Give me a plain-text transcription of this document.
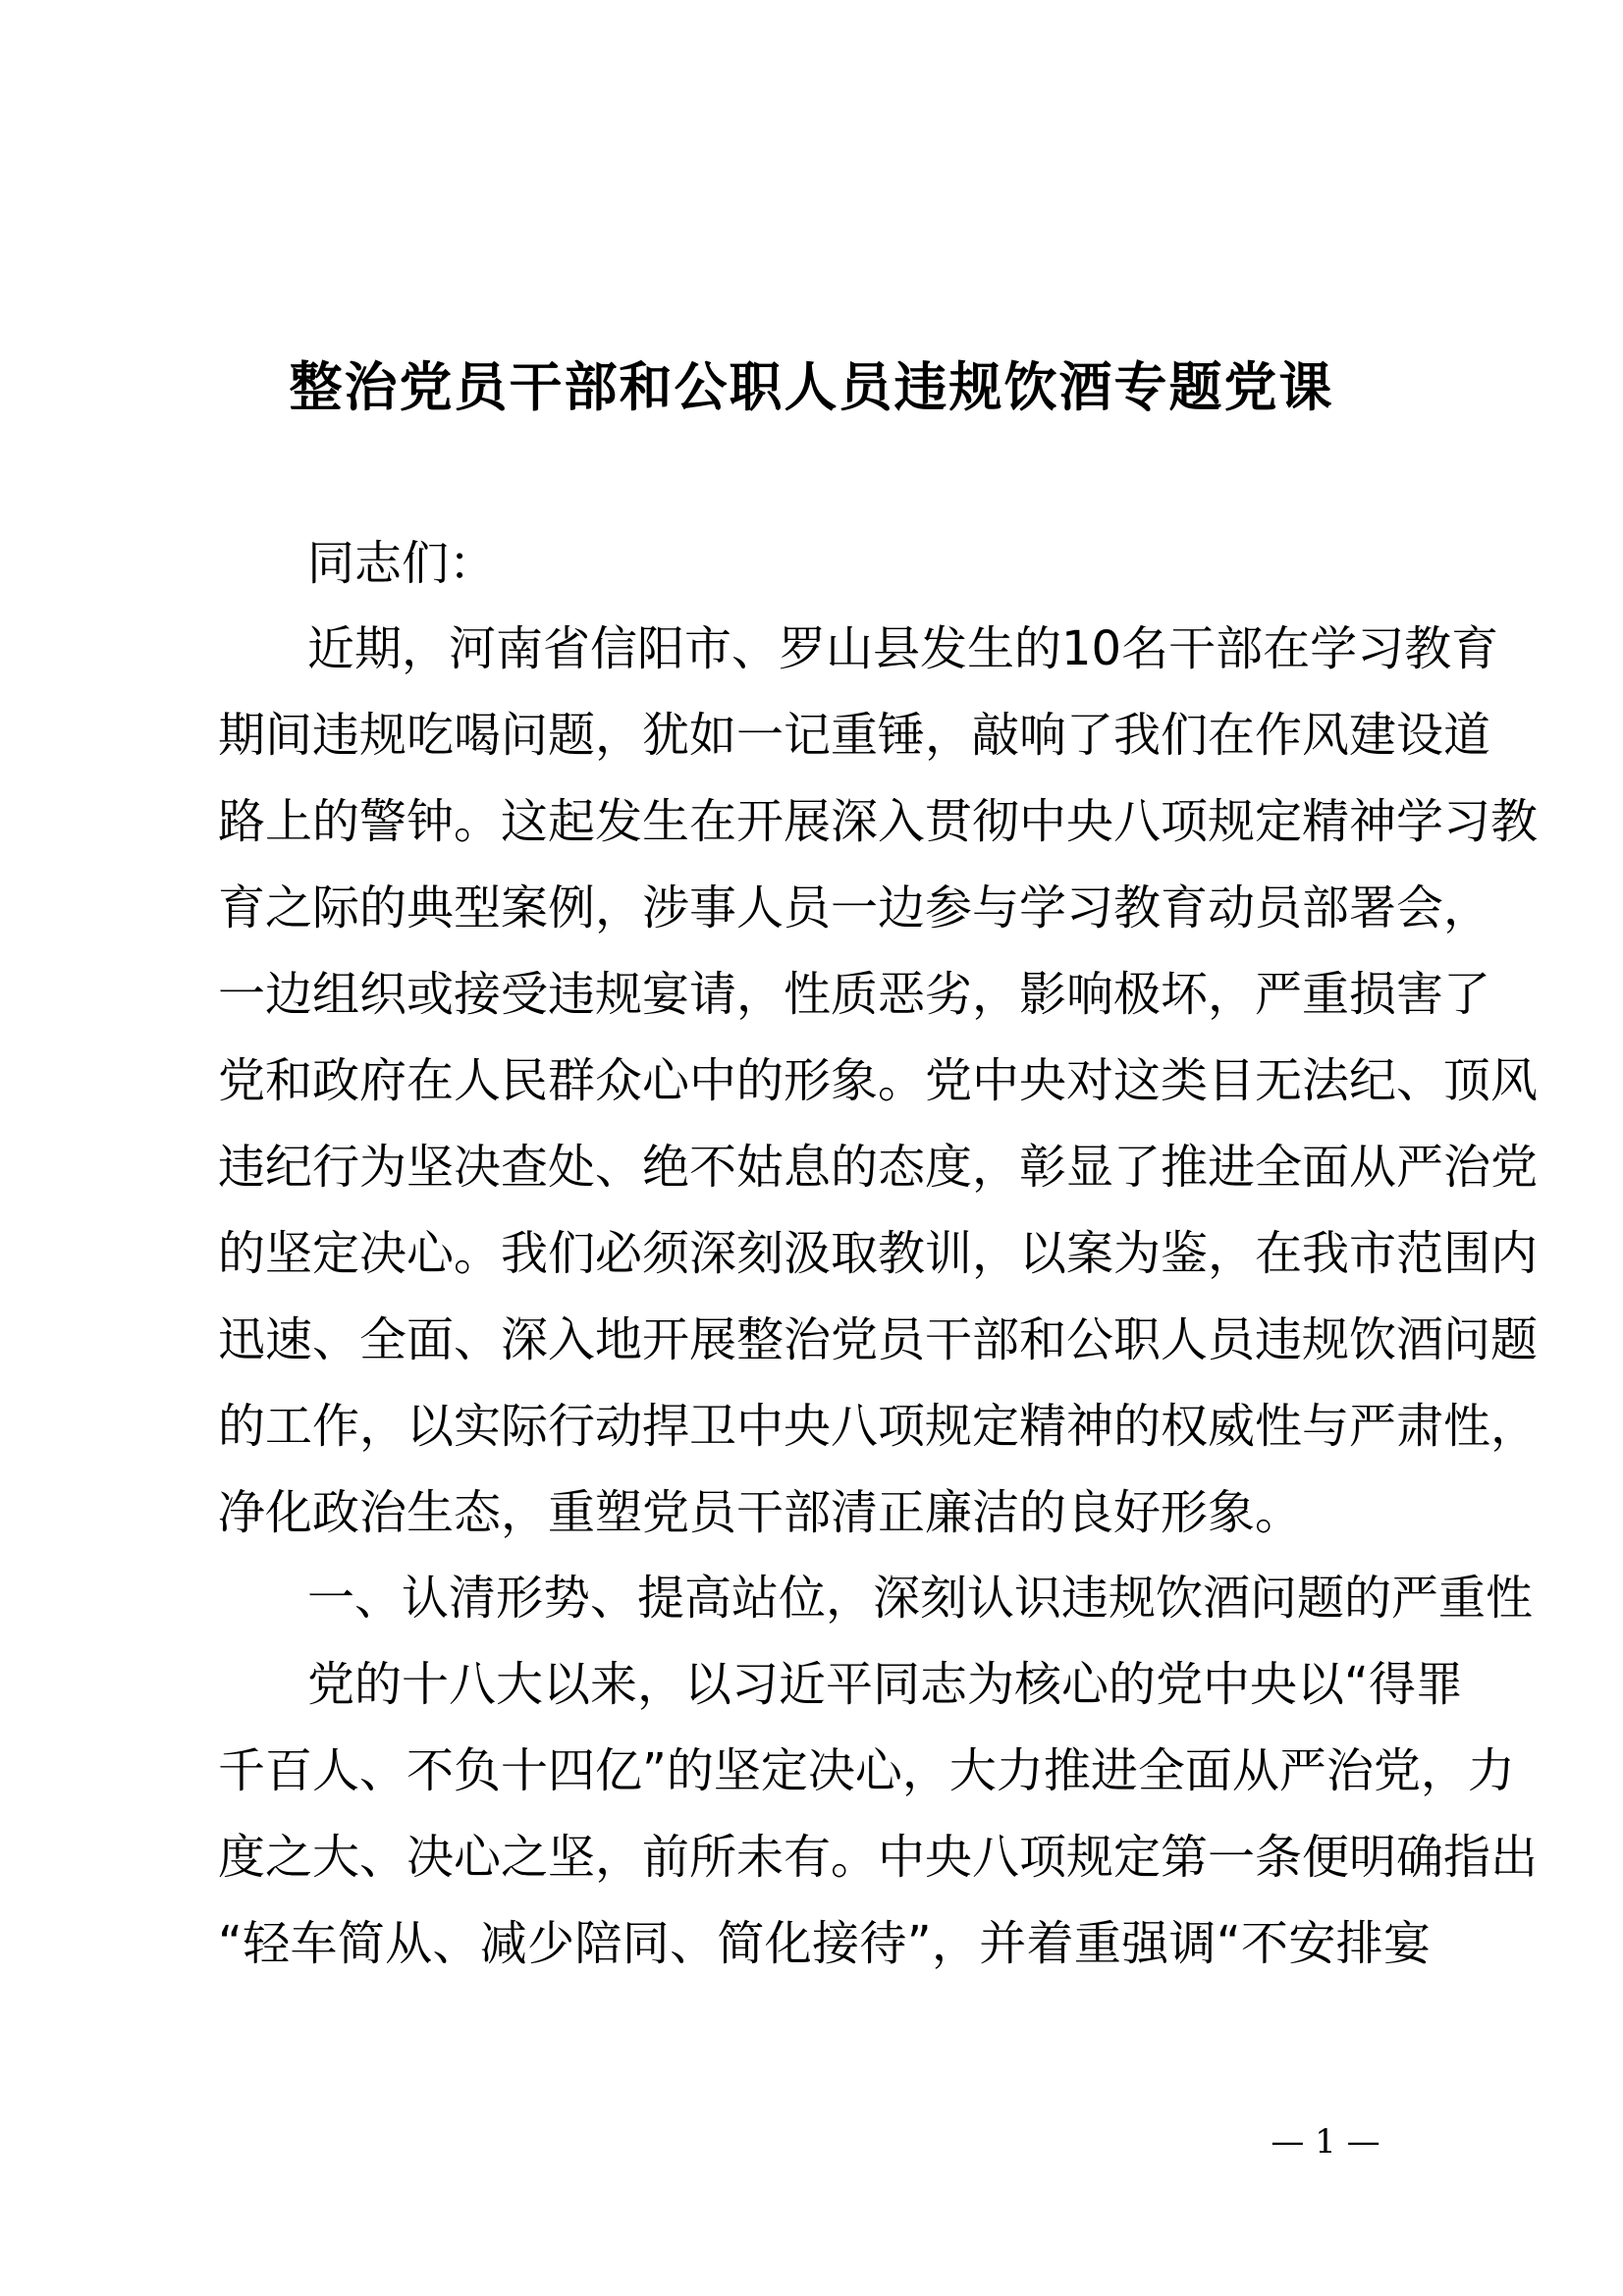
整治党员干部和公职人员违规饮酒专题党课
同志们：
近期，河南省信阳市、罗山县发生的10名干部在学习教育
期间违规吃喝问题，犹如一记重锤，敲响了我们在作风建设道
路上的警钟。这起发生在开展深入贯彻中央八项规定精神学习教
育之际的典型案例，涉事人员一边参与学习教育动员部署会，
一边组织或接受违规宴请，性质恶劣，影响极坏，严重损害了
党和政府在人民群众心中的形象。党中央对这类目无法纪、顶风
违纪行为坚决查处、绝不姑息的态度，彰显了推进全面从严治党
的坚定决心。我们必须深刻汲取教训，以案为鉴，在我市范围内
迅速、全面、深入地开展整治党员干部和公职人员违规饮酒问题
的工作，以实际行动捍卫中央八项规定精神的权威性与严肃性，
净化政治生态，重塑党员干部清正廉洁的良好形象。
一、认清形势、提高站位，深刻认识违规饮酒问题的严重性
党的十八大以来，以习近平同志为核心的党中央以“得罪
千百人、不负十四亿”的坚定决心，大力推进全面从严治党，力
度之大、决心之坚，前所未有。中央八项规定第一条便明确指出
“轻车简从、减少陪同、简化接待”，并着重强调“不安排宴
— 1 —
